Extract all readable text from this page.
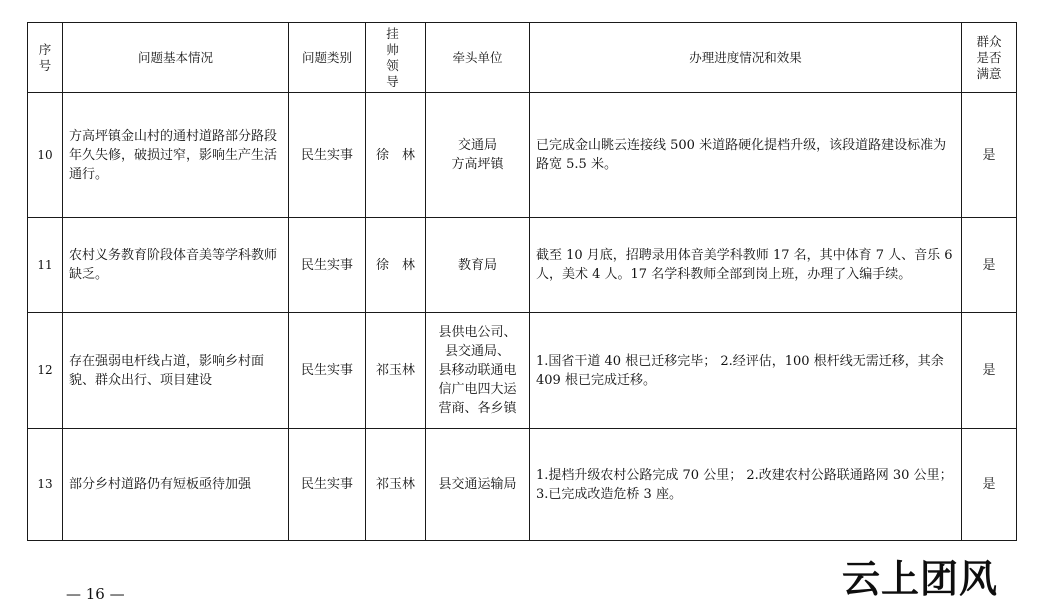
序号	问题基本情况	问题类别	挂帅领导	牵头单位	办理进度情况和效果	群众是否满意

10	方高坪镇金山村的通村道路部分路段年久失修，破损过窄，影响生产生活通行。	民生实事	徐　林	交通局
方高坪镇	已完成金山眺云连接线 500 米道路硬化提档升级，该段道路建设标准为路宽 5.5 米。	是
11	农村义务教育阶段体音美等学科教师缺乏。	民生实事	徐　林	教育局	截至 10 月底，招聘录用体音美学科教师 17 名，其中体育 7 人、音乐 6 人，美术 4 人。17 名学科教师全部到岗上班，办理了入编手续。	是
12	存在强弱电杆线占道，影响乡村面貌、群众出行、项目建设	民生实事	祁玉林	县供电公司、
县交通局、
县移动联通电
信广电四大运
营商、各乡镇	1.国省干道 40 根已迁移完毕； 2.经评估，100 根杆线无需迁移，其余 409 根已完成迁移。	是
13	部分乡村道路仍有短板亟待加强	民生实事	祁玉林	县交通运输局	1.提档升级农村公路完成 70 公里； 2.改建农村公路联通路网 30 公里； 3.已完成改造危桥 3 座。	是
— 16 —	云上团风
